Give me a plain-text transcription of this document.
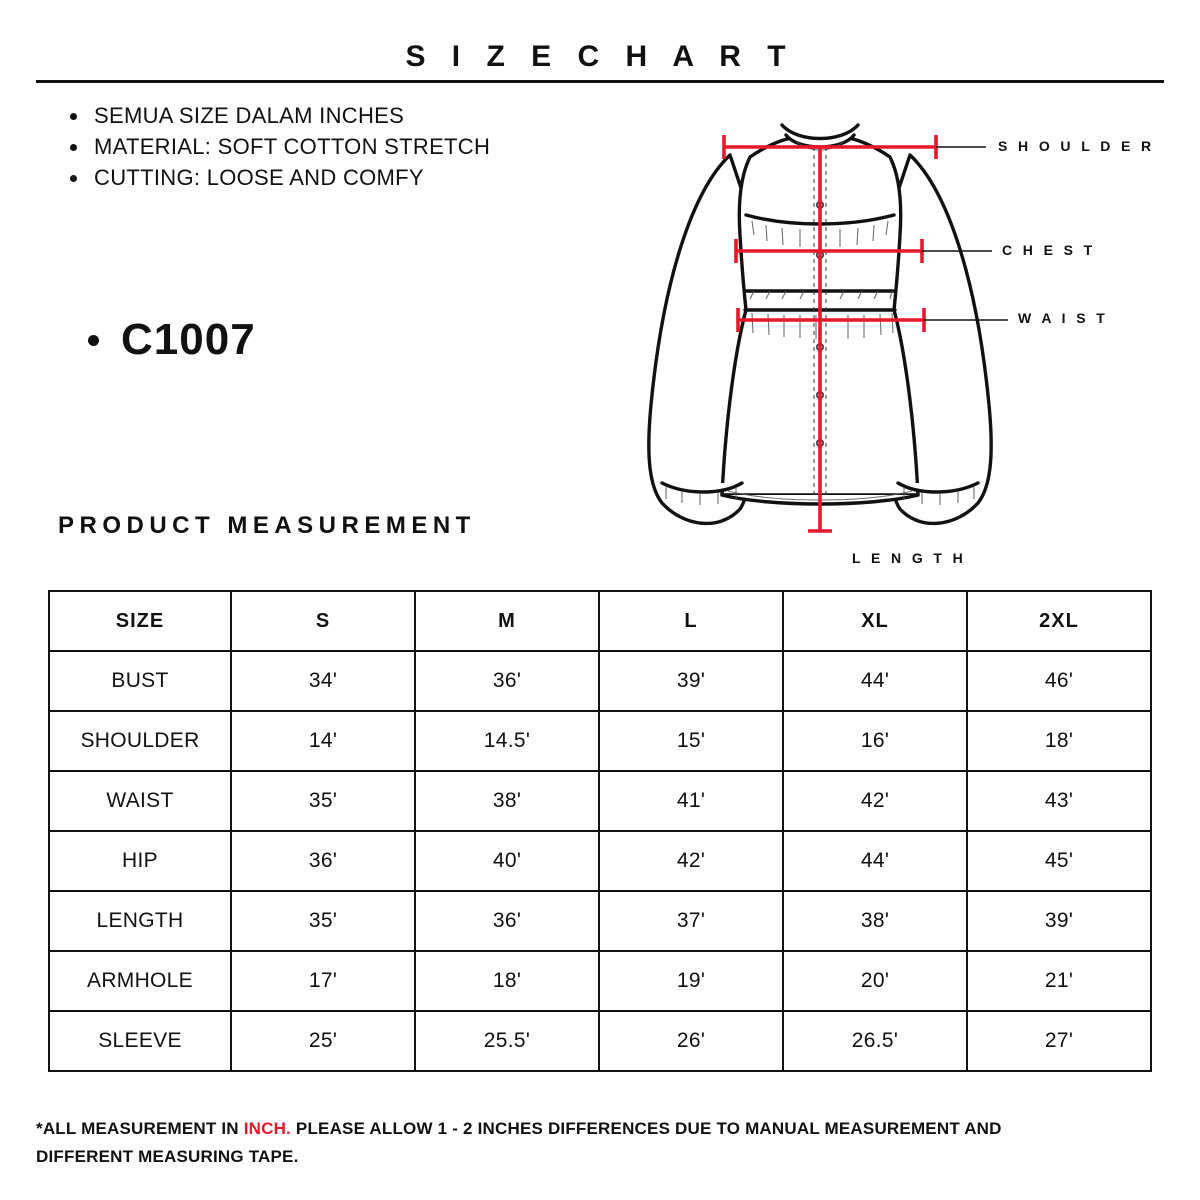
S I Z E C H A R T
SEMUA SIZE DALAM INCHES
MATERIAL: SOFT COTTON STRETCH
CUTTING: LOOSE AND COMFY
C1007
PRODUCT MEASUREMENT
S H O U L D E R
C H E S T
W A I S T
L E N G T H
SIZE	S	M	L	XL	2XL
BUST	34'	36'	39'	44'	46'
SHOULDER	14'	14.5'	15'	16'	18'
WAIST	35'	38'	41'	42'	43'
HIP	36'	40'	42'	44'	45'
LENGTH	35'	36'	37'	38'	39'
ARMHOLE	17'	18'	19'	20'	21'
SLEEVE	25'	25.5'	26'	26.5'	27'
*ALL MEASUREMENT IN INCH. PLEASE ALLOW 1 - 2 INCHES DIFFERENCES DUE TO MANUAL MEASUREMENT AND DIFFERENT MEASURING TAPE.
